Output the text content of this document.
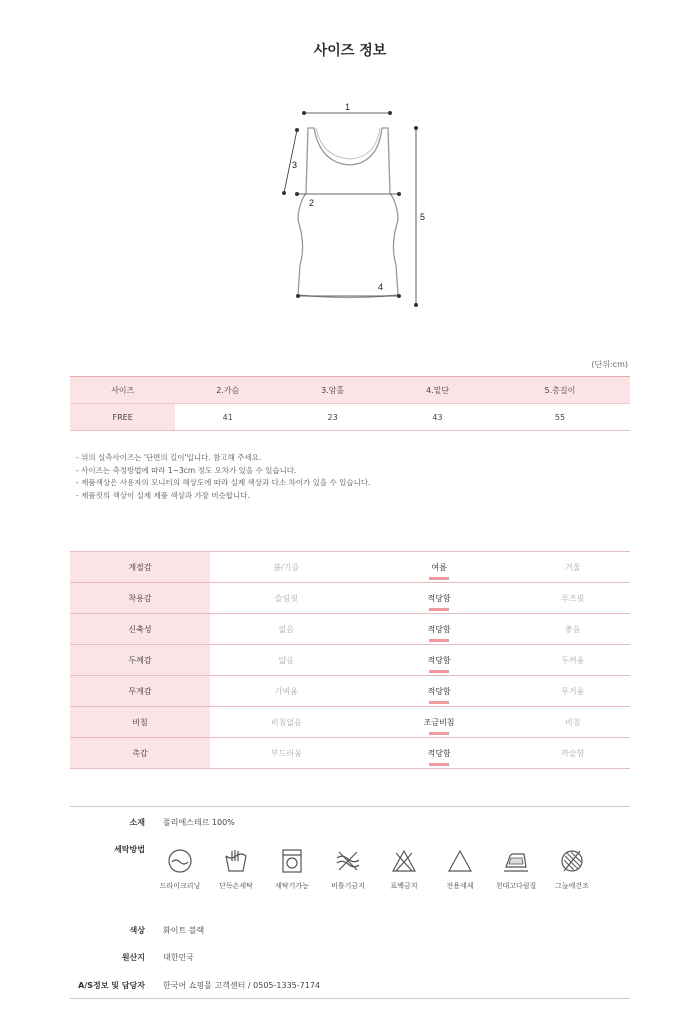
사이즈 정보
1
2
3
4
5
(단위:cm)
사이즈	2.가슴	3.암홀	4.밑단	5.총길이
FREE	41	23	43	55
- 위의 실측사이즈는 '단면의 길이'입니다. 참고해 주세요.
- 사이즈는 측정방법에 따라 1~3cm 정도 오차가 있을 수 있습니다.
- 제품색상은 사용자의 모니터의 해상도에 따라 실제 색상과 다소 차이가 있을 수 있습니다.
- 제품컷의 색상이 실제 제품 색상과 가장 비슷합니다.
계절감	봄/가을	여름	겨울
착용감	슬림핏	적당함	루즈핏
신축성	없음	적당함	좋음
두께감	얇음	적당함	두꺼움
무게감	가벼움	적당함	무거움
비침	비침없음	조금비침	비침
촉감	부드러움	적당함	까슬함
소재 폴리에스테르 100%
세탁방법
드라이크리닝	단독손세탁	세탁기가능	비틀기금지	표백금지	전용세제	천대고다림질	그늘에건조
색상 화이트 블랙
원산지 대한민국
A/S정보 및 담당자 한국어 쇼핑몰 고객센터 / 0505-1335-7174
